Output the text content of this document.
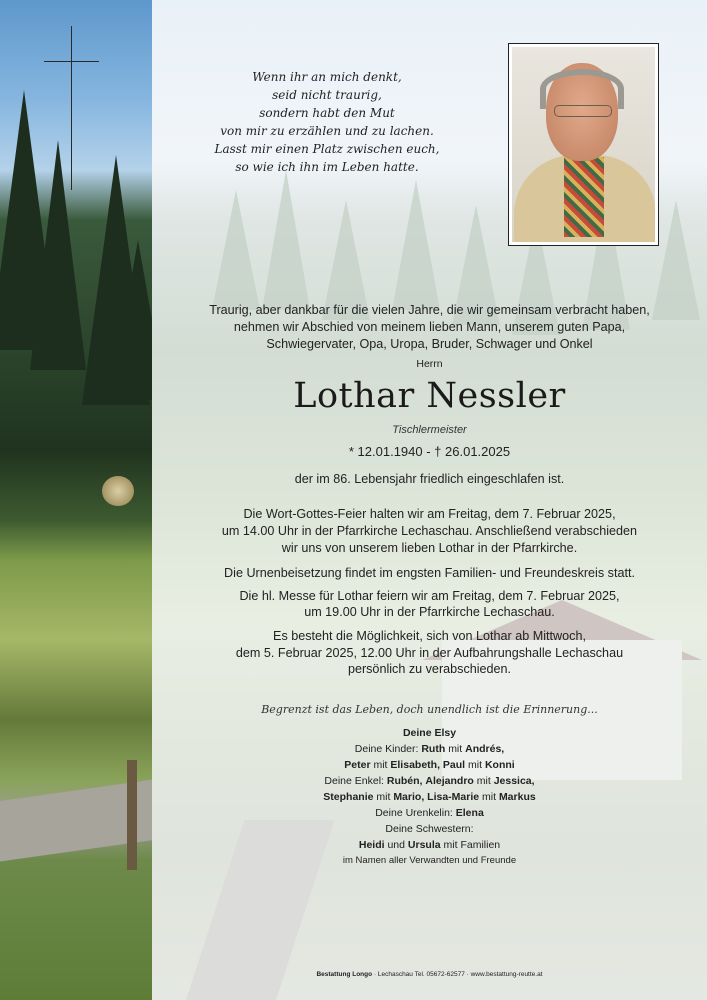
Wenn ihr an mich denkt,
seid nicht traurig,
sondern habt den Mut
von mir zu erzählen und zu lachen.
Lasst mir einen Platz zwischen euch,
so wie ich ihn im Leben hatte.
Traurig, aber dankbar für die vielen Jahre, die wir gemeinsam verbracht haben,
nehmen wir Abschied von meinem lieben Mann, unserem guten Papa,
Schwiegervater, Opa, Uropa, Bruder, Schwager und Onkel
Herrn
Lothar Nessler
Tischlermeister
* 12.01.1940 - † 26.01.2025
der im 86. Lebensjahr friedlich eingeschlafen ist.
Die Wort-Gottes-Feier halten wir am Freitag, dem 7. Februar 2025,
um 14.00 Uhr in der Pfarrkirche Lechaschau. Anschließend verabschieden
wir uns von unserem lieben Lothar in der Pfarrkirche.
Die Urnenbeisetzung findet im engsten Familien- und Freundeskreis statt.
Die hl. Messe für Lothar feiern wir am Freitag, dem 7. Februar 2025,
um 19.00 Uhr in der Pfarrkirche Lechaschau.
Es besteht die Möglichkeit, sich von Lothar ab Mittwoch,
dem 5. Februar 2025, 12.00 Uhr in der Aufbahrungshalle Lechaschau
persönlich zu verabschieden.
Begrenzt ist das Leben, doch unendlich ist die Erinnerung...
Deine Elsy
Deine Kinder: Ruth mit Andrés,
Peter mit Elisabeth, Paul mit Konni
Deine Enkel: Rubén, Alejandro mit Jessica,
Stephanie mit Mario, Lisa-Marie mit Markus
Deine Urenkelin: Elena
Deine Schwestern:
Heidi und Ursula mit Familien
im Namen aller Verwandten und Freunde
Bestattung Longo · Lechaschau Tel. 05672-62577 · www.bestattung-reutte.at
